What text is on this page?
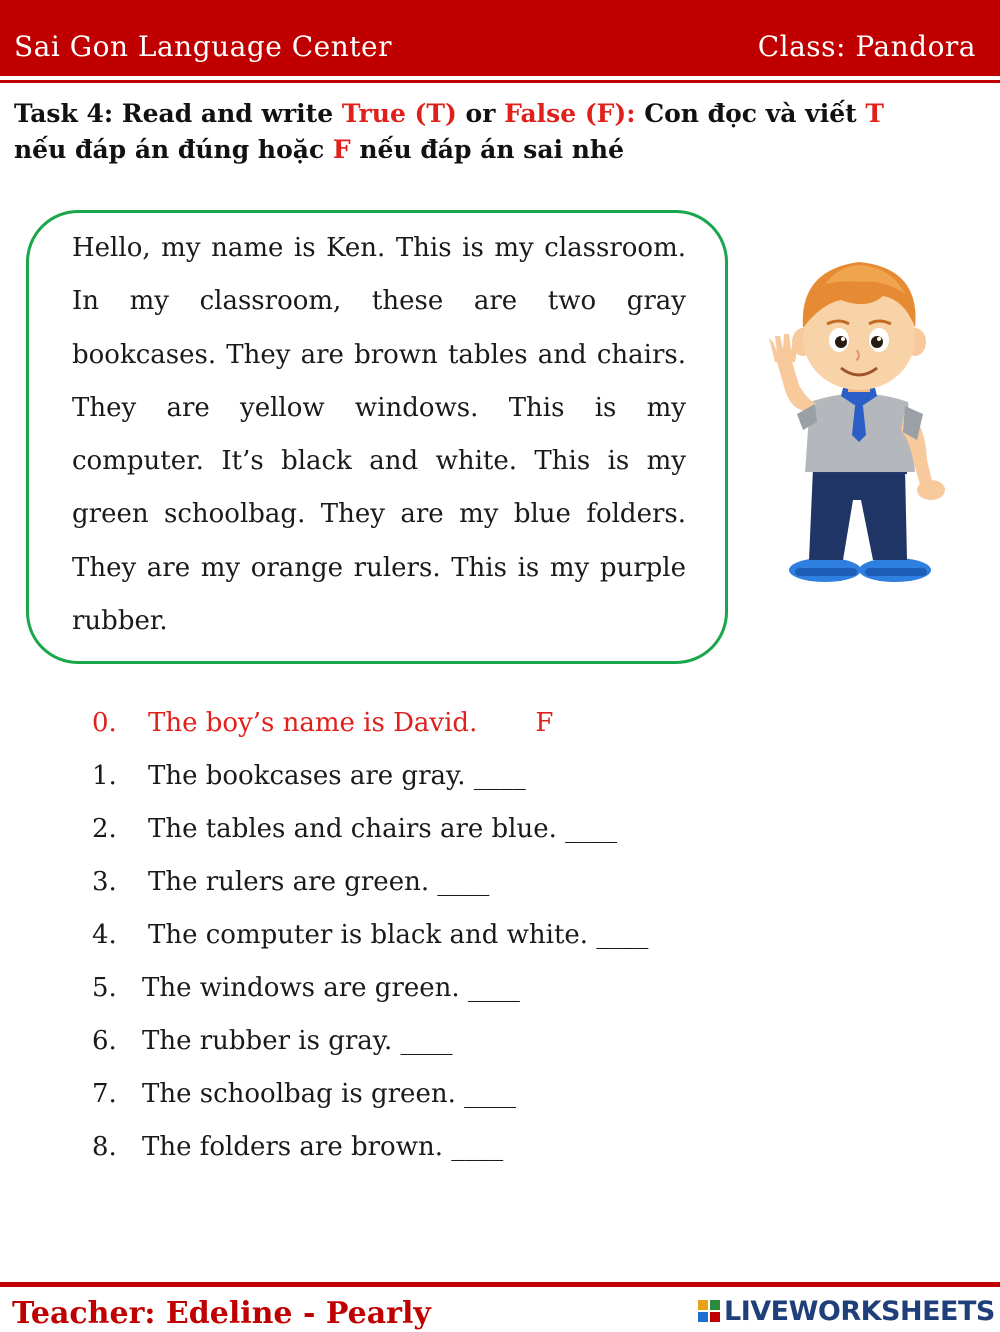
Sai Gon Language Center	Class: Pandora
Task 4: Read and write True (T) or False (F): Con đọc và viết T
nếu đáp án đúng hoặc F nếu đáp án sai nhé
Hello, my name is Ken. This is my classroom. In my classroom, these are two gray bookcases. They are brown tables and chairs. They are yellow windows. This is my computer. It’s black and white. This is my green schoolbag. They are my blue folders. They are my orange rulers. This is my purple rubber.
0. The boy’s name is David. F
1. The bookcases are gray. ____
2. The tables and chairs are blue. ____
3. The rulers are green. ____
4. The computer is black and white. ____
5. The windows are green. ____
6. The rubber is gray. ____
7. The schoolbag is green. ____
8. The folders are brown. ____
Teacher: Edeline - Pearly	LIVEWORKSHEETS
